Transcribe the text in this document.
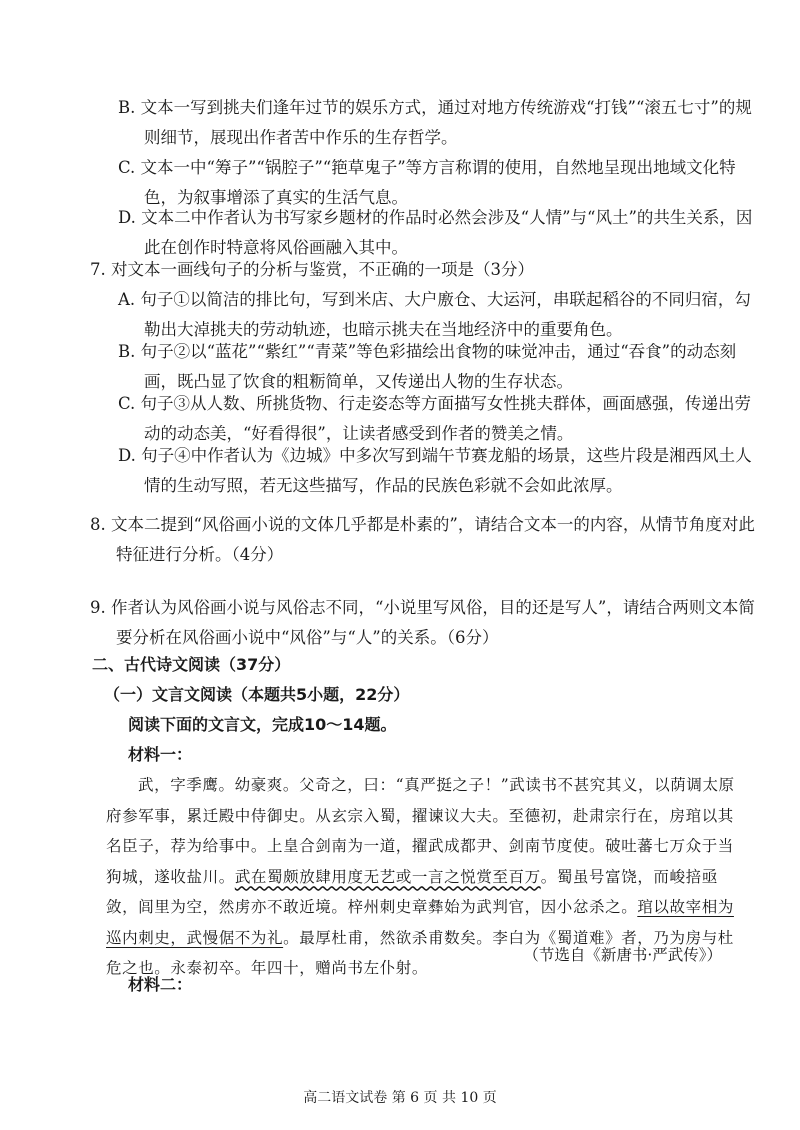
B. 文本一写到挑夫们逢年过节的娱乐方式，通过对地方传统游戏“打钱”“滚五七寸”的规则细节，展现出作者苦中作乐的生存哲学。
C. 文本一中“筹子”“锅腔子”“筢草鬼子”等方言称谓的使用，自然地呈现出地域文化特色，为叙事增添了真实的生活气息。
D. 文本二中作者认为书写家乡题材的作品时必然会涉及“人情”与“风土”的共生关系，因此在创作时特意将风俗画融入其中。
7. 对文本一画线句子的分析与鉴赏，不正确的一项是（3分）
A. 句子①以简洁的排比句，写到米店、大户廒仓、大运河，串联起稻谷的不同归宿，勾勒出大淖挑夫的劳动轨迹，也暗示挑夫在当地经济中的重要角色。
B. 句子②以“蓝花”“紫红”“青菜”等色彩描绘出食物的味觉冲击，通过“吞食”的动态刻画，既凸显了饮食的粗粝简单，又传递出人物的生存状态。
C. 句子③从人数、所挑货物、行走姿态等方面描写女性挑夫群体，画面感强，传递出劳动的动态美，“好看得很”，让读者感受到作者的赞美之情。
D. 句子④中作者认为《边城》中多次写到端午节赛龙船的场景，这些片段是湘西风土人情的生动写照，若无这些描写，作品的民族色彩就不会如此浓厚。
8. 文本二提到“风俗画小说的文体几乎都是朴素的”，请结合文本一的内容，从情节角度对此特征进行分析。（4分）
9. 作者认为风俗画小说与风俗志不同，“小说里写风俗，目的还是写人”，请结合两则文本简要分析在风俗画小说中“风俗”与“人”的关系。（6分）
二、古代诗文阅读（37分）
（一）文言文阅读（本题共5小题，22分）
阅读下面的文言文，完成10～14题。
材料一：
武，字季鹰。幼豪爽。父奇之，曰：“真严挺之子！”武读书不甚究其义，以荫调太原府参军事，累迁殿中侍御史。从玄宗入蜀，擢谏议大夫。至德初，赴肃宗行在，房琯以其名臣子，荐为给事中。上皇合剑南为一道，擢武成都尹、剑南节度使。破吐蕃七万众于当狗城，遂收盐川。武在蜀颇放肆用度无艺或一言之悦赏至百万。蜀虽号富饶，而峻掊亟敛，闾里为空，然虏亦不敢近境。梓州刺史章彝始为武判官，因小忿杀之。琯以故宰相为巡内刺史，武慢倨不为礼。最厚杜甫，然欲杀甫数矣。李白为《蜀道难》者，乃为房与杜危之也。永泰初卒。年四十，赠尚书左仆射。
（节选自《新唐书·严武传》）
材料二：
高二语文试卷 第 6 页 共 10 页
